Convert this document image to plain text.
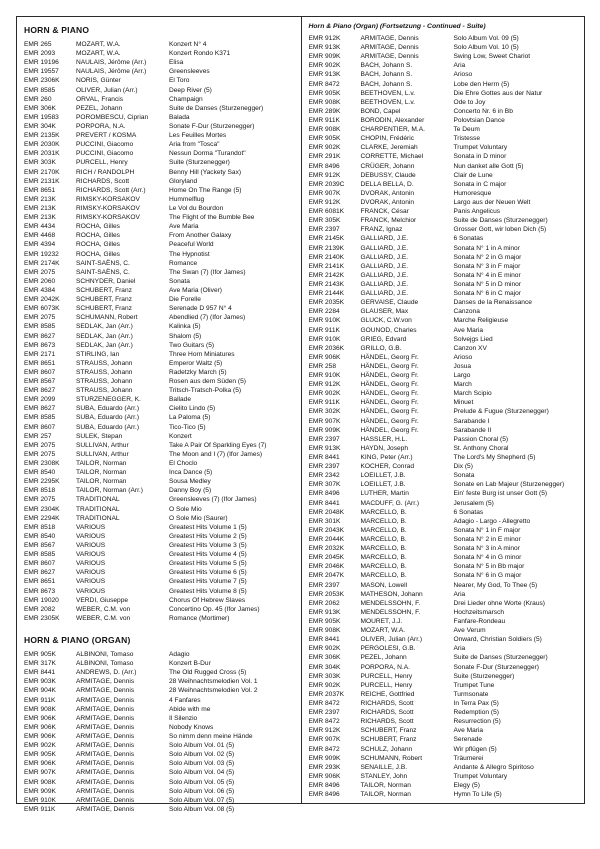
HORN & PIANO
EMR 265	MOZART, W.A.	Konzert N° 4
EMR 2093	MOZART, W.A.	Konzert Rondo K371
EMR 19196	NAULAIS, Jérôme (Arr.)	Elisa
EMR 19557	NAULAIS, Jérôme (Arr.)	Greensleeves
EMR 2306K	NORIS, Günter	El Toro
EMR 8585	OLIVER, Julian (Arr.)	Deep River (5)
EMR 260	ORVAL, Francis	Champaign
EMR 306K	PEZEL, Johann	Suite de Danses (Sturzenegger)
EMR 19583	POROMBESCU, Ciprian	Balada
EMR 304K	PORPORA, N.A.	Sonate F-Dur (Sturzenegger)
EMR 2135K	PREVERT / KOSMA	Les Feuilles Mortes
EMR 2030K	PUCCINI, Giacomo	Aria from "Tosca"
EMR 2031K	PUCCINI, Giacomo	Nessun Dorma "Turandot"
EMR 303K	PURCELL, Henry	Suite (Sturzenegger)
EMR 2170K	RICH / RANDOLPH	Benny Hill (Yackety Sax)
EMR 2131K	RICHARDS, Scott	Gloryland
EMR 8651	RICHARDS, Scott (Arr.)	Home On The Range (5)
EMR 213K	RIMSKY-KORSAKOV	Hummelflug
EMR 213K	RIMSKY-KORSAKOV	Le Vol du Bourdon
EMR 213K	RIMSKY-KORSAKOV	The Flight of the Bumble Bee
EMR 4434	ROCHA, Gilles	Ave Maria
EMR 4468	ROCHA, Gilles	From Another Galaxy
EMR 4394	ROCHA, Gilles	Peaceful World
EMR 19232	ROCHA, Gilles	The Hypnotist
EMR 2174K	SAINT-SAËNS, C.	Romance
EMR 2075	SAINT-SAËNS, C.	The Swan (7) (Ifor James)
EMR 2060	SCHNYDER, Daniel	Sonata
EMR 4384	SCHUBERT, Franz	Ave Maria (Oliver)
EMR 2042K	SCHUBERT, Franz	Die Forelle
EMR 6073K	SCHUBERT, Franz	Serenade D 957 N° 4
EMR 2075	SCHUMANN, Robert	Abendlied (7) (Ifor James)
EMR 8585	SEDLAK, Jan (Arr.)	Kalinka (5)
EMR 8627	SEDLAK, Jan (Arr.)	Shalom (5)
EMR 8673	SEDLAK, Jan (Arr.)	Two Guitars (5)
EMR 2171	STIRLING, Ian	Three Horn Miniatures
EMR 8651	STRAUSS, Johann	Emperor Waltz (5)
EMR 8607	STRAUSS, Johann	Radetzky March (5)
EMR 8567	STRAUSS, Johann	Rosen aus dem Süden (5)
EMR 8627	STRAUSS, Johann	Tritsch-Tratsch-Polka (5)
EMR 2099	STURZENEGGER, K.	Ballade
EMR 8627	SUBA, Eduardo (Arr.)	Cielito Lindo (5)
EMR 8585	SUBA, Eduardo (Arr.)	La Paloma (5)
EMR 8607	SUBA, Eduardo (Arr.)	Tico-Tico (5)
EMR 257	SULEK, Stepan	Konzert
EMR 2075	SULLIVAN, Arthur	Take A Pair Of Sparkling Eyes (7)
EMR 2075	SULLIVAN, Arthur	The Moon and I (7) (Ifor James)
EMR 2308K	TAILOR, Norman	El Choclo
EMR 8540	TAILOR, Norman	Inca Dance (5)
EMR 2295K	TAILOR, Norman	Sousa Medley
EMR 8518	TAILOR, Norman (Arr.)	Danny Boy (5)
EMR 2075	TRADITIONAL	Greensleeves (7) (Ifor James)
EMR 2304K	TRADITIONAL	O Sole Mio
EMR 2294K	TRADITIONAL	O Sole Mio (Saurer)
EMR 8518	VARIOUS	Greatest Hits Volume 1 (5)
EMR 8540	VARIOUS	Greatest Hits Volume 2 (5)
EMR 8567	VARIOUS	Greatest Hits Volume 3 (5)
EMR 8585	VARIOUS	Greatest Hits Volume 4 (5)
EMR 8607	VARIOUS	Greatest Hits Volume 5 (5)
EMR 8627	VARIOUS	Greatest Hits Volume 6 (5)
EMR 8651	VARIOUS	Greatest Hits Volume 7 (5)
EMR 8673	VARIOUS	Greatest Hits Volume 8 (5)
EMR 19020	VERDI, Giuseppe	Chorus Of Hebrew Slaves
EMR 2082	WEBER, C.M. von	Concertino Op. 45 (Ifor James)
EMR 2305K	WEBER, C.M. von	Romance (Mortimer)
HORN & PIANO (ORGAN)
EMR 905K	ALBINONI, Tomaso	Adagio
EMR 317K	ALBINONI, Tomaso	Konzert B-Dur
EMR 8441	ANDREWS, D. (Arr.)	The Old Rugged Cross (5)
EMR 903K	ARMITAGE, Dennis	28 Weihnachtsmelodien Vol. 1
EMR 904K	ARMITAGE, Dennis	28 Weihnachtsmelodien Vol. 2
EMR 911K	ARMITAGE, Dennis	4 Fanfares
EMR 908K	ARMITAGE, Dennis	Abide with me
EMR 906K	ARMITAGE, Dennis	Il Silenzio
EMR 906K	ARMITAGE, Dennis	Nobody Knows
EMR 906K	ARMITAGE, Dennis	So nimm denn meine Hände
EMR 902K	ARMITAGE, Dennis	Solo Album Vol. 01 (5)
EMR 905K	ARMITAGE, Dennis	Solo Album Vol. 02 (5)
EMR 906K	ARMITAGE, Dennis	Solo Album Vol. 03 (5)
EMR 907K	ARMITAGE, Dennis	Solo Album Vol. 04 (5)
EMR 908K	ARMITAGE, Dennis	Solo Album Vol. 05 (5)
EMR 909K	ARMITAGE, Dennis	Solo Album Vol. 06 (5)
EMR 910K	ARMITAGE, Dennis	Solo Album Vol. 07 (5)
EMR 911K	ARMITAGE, Dennis	Solo Album Vol. 08 (5)
Horn & Piano (Organ) (Fortsetzung - Continued - Suite)
EMR 912K	ARMITAGE, Dennis	Solo Album Vol. 09 (5)
EMR 913K	ARMITAGE, Dennis	Solo Album Vol. 10 (5)
EMR 909K	ARMITAGE, Dennis	Swing Low, Sweet Chariot
EMR 902K	BACH, Johann S.	Aria
EMR 913K	BACH, Johann S.	Arioso
EMR 8472	BACH, Johann S.	Lobe den Herrn (5)
EMR 905K	BEETHOVEN, L.v.	Die Ehre Gottes aus der Natur
EMR 908K	BEETHOVEN, L.v.	Ode to Joy
EMR 289K	BOND, Capel	Concerto Nr. 6 in Bb
EMR 911K	BORODIN, Alexander	Polovtsian Dance
EMR 908K	CHARPENTIER, M.A.	Te Deum
EMR 905K	CHOPIN, Frédéric	Tristesse
EMR 902K	CLARKE, Jeremiah	Trumpet Voluntary
EMR 291K	CORRETTE, Michael	Sonata in D minor
EMR 8496	CRÜGER, Johann	Nun danket alle Gott (5)
EMR 912K	DEBUSSY, Claude	Clair de Lune
EMR 2039C	DELLA BELLA, D.	Sonata in C major
EMR 907K	DVORAK, Antonin	Humoresque
EMR 912K	DVORAK, Antonin	Largo aus der Neuen Welt
EMR 6081K	FRANCK, César	Panis Angelicus
EMR 305K	FRANCK, Melchior	Suite de Danses (Sturzenegger)
EMR 2397	FRANZ, Ignaz	Grosser Gott, wir loben Dich (5)
EMR 2145K	GALLIARD, J.E.	6 Sonatas
EMR 2139K	GALLIARD, J.E.	Sonata N° 1 in A minor
EMR 2140K	GALLIARD, J.E.	Sonata N° 2 in G major
EMR 2141K	GALLIARD, J.E.	Sonata N° 3 in F major
EMR 2142K	GALLIARD, J.E.	Sonata N° 4 in E minor
EMR 2143K	GALLIARD, J.E.	Sonata N° 5 in D minor
EMR 2144K	GALLIARD, J.E.	Sonata N° 6 in C major
EMR 2035K	GERVAISE, Claude	Danses de la Renaissance
EMR 2284	GLAUSER, Max	Canzona
EMR 910K	GLUCK, C.W.von	Marche Religieuse
EMR 911K	GOUNOD, Charles	Ave Maria
EMR 910K	GRIEG, Edvard	Solvejgs Lied
EMR 2036K	GRILLO, G.B.	Canzon XV
EMR 906K	HÄNDEL, Georg Fr.	Arioso
EMR 258	HÄNDEL, Georg Fr.	Josua
EMR 910K	HÄNDEL, Georg Fr.	Largo
EMR 912K	HÄNDEL, Georg Fr.	March
EMR 902K	HÄNDEL, Georg Fr.	March Scipio
EMR 911K	HÄNDEL, Georg Fr.	Minuet
EMR 302K	HÄNDEL, Georg Fr.	Prelude & Fugue (Sturzenegger)
EMR 907K	HÄNDEL, Georg Fr.	Sarabande I
EMR 909K	HÄNDEL, Georg Fr.	Sarabande II
EMR 2397	HASSLER, H.L.	Passion Choral (5)
EMR 913K	HAYDN, Joseph	St. Anthony Choral
EMR 8441	KING, Peter (Arr.)	The Lord's My Shepherd (5)
EMR 2397	KOCHER, Conrad	Dix (5)
EMR 2342	LOEILLET, J.B.	Sonata
EMR 307K	LOEILLET, J.B.	Sonate en Lab Majeur (Sturzenegger)
EMR 8496	LUTHER, Martin	Ein' feste Burg ist unser Gott (5)
EMR 8441	MACDUFF, G. (Arr.)	Jerusalem (5)
EMR 2048K	MARCELLO, B.	6 Sonatas
EMR 301K	MARCELLO, B.	Adagio - Largo - Allegretto
EMR 2043K	MARCELLO, B.	Sonata N° 1 in F major
EMR 2044K	MARCELLO, B.	Sonata N° 2 in E minor
EMR 2032K	MARCELLO, B.	Sonata N° 3 in A minor
EMR 2045K	MARCELLO, B.	Sonata N° 4 in G minor
EMR 2046K	MARCELLO, B.	Sonata N° 5 in Bb major
EMR 2047K	MARCELLO, B.	Sonata N° 6 in G major
EMR 2397	MASON, Lowell	Nearer, My God, To Thee (5)
EMR 2053K	MATHESON, Johann	Aria
EMR 2062	MENDELSSOHN, F.	Drei Lieder ohne Worte (Kraus)
EMR 913K	MENDELSSOHN, F.	Hochzeitsmarsch
EMR 905K	MOURET, J.J.	Fanfare-Rondeau
EMR 908K	MOZART, W.A.	Ave Verum
EMR 8441	OLIVER, Julian (Arr.)	Onward, Christian Soldiers (5)
EMR 902K	PERGOLESI, G.B.	Aria
EMR 306K	PEZEL, Johann	Suite de Danses (Sturzenegger)
EMR 304K	PORPORA, N.A.	Sonate F-Dur (Sturzenegger)
EMR 303K	PURCELL, Henry	Suite (Sturzenegger)
EMR 902K	PURCELL, Henry	Trumpet Tune
EMR 2037K	REICHE, Gottfried	Turmsonate
EMR 8472	RICHARDS, Scott	In Terra Pax (5)
EMR 2397	RICHARDS, Scott	Redemption (5)
EMR 8472	RICHARDS, Scott	Resurrection (5)
EMR 912K	SCHUBERT, Franz	Ave Maria
EMR 907K	SCHUBERT, Franz	Serenade
EMR 8472	SCHULZ, Johann	Wir pflügen (5)
EMR 909K	SCHUMANN, Robert	Träumerei
EMR 293K	SENAILLE, J.B.	Andante & Allegro Spiritoso
EMR 906K	STANLEY, John	Trumpet Voluntary
EMR 8496	TAILOR, Norman	Elegy (5)
EMR 8496	TAILOR, Norman	Hymn To Life (5)
